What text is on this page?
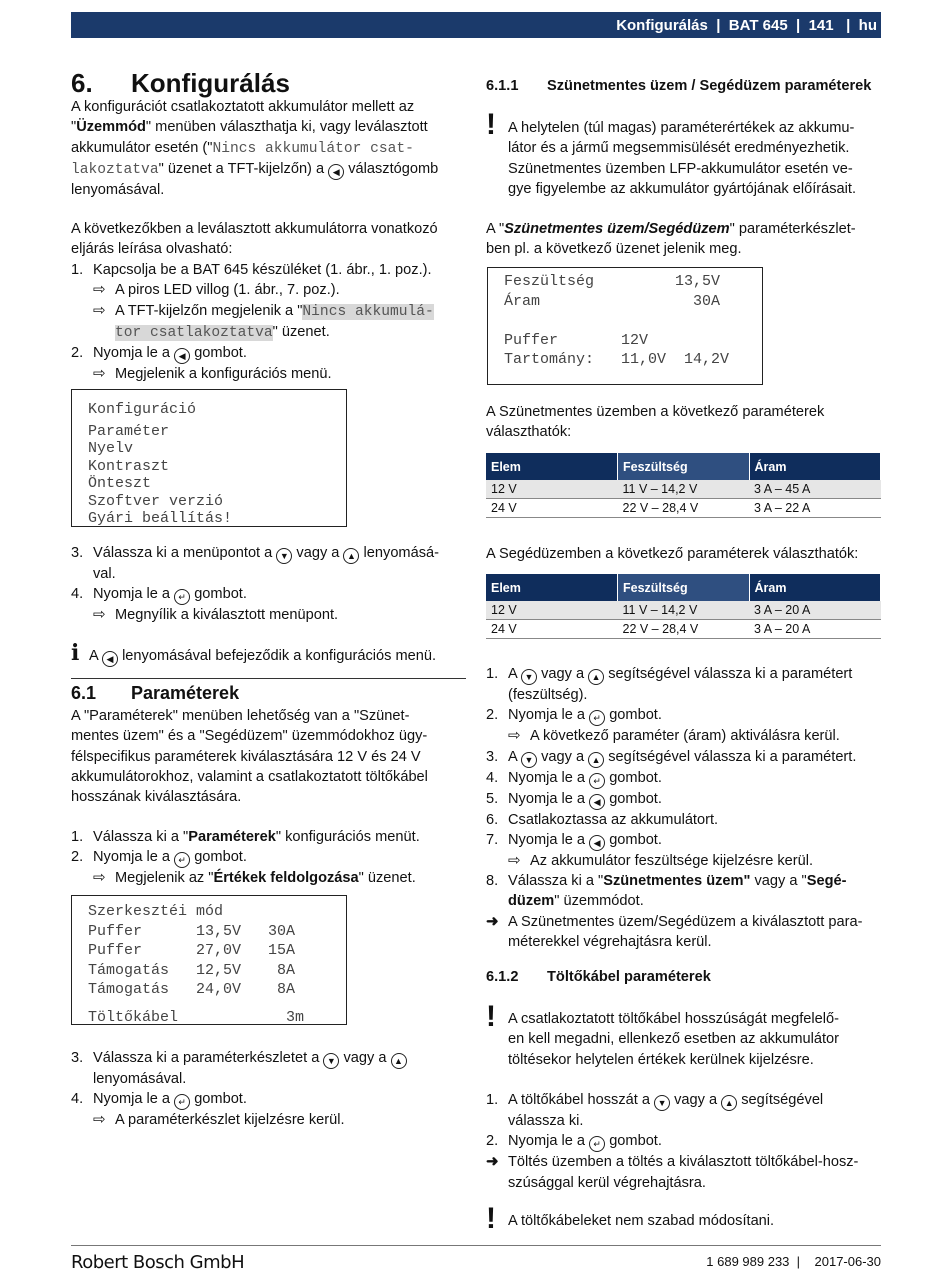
Konfigurálás
|
BAT 645
|
141
|
hu
6. Konfigurálás
A konfigurációt csatlakoztatott akkumulátor mellett az
"Üzemmód" menüben választhatja ki, vagy leválasztott
akkumulátor esetén ("Nincs akkumulátor csat-
lakoztatva" üzenet a TFT-kijelzőn) a ◀ választógomb
lenyomásával.
A következőkben a leválasztott akkumulátorra vonatkozó
eljárás leírása olvasható:
1. Kapcsolja be a BAT 645 készüléket (1. ábr., 1. poz.).
⇨ A piros LED villog (1. ábr., 7. poz.).
⇨ A TFT-kijelzőn megjelenik a "Nincs akkumulá-
tor csatlakoztatva" üzenet.
2. Nyomja le a ◀ gombot.
⇨ Megjelenik a konfigurációs menü.
Konfiguráció
Paraméter
Nyelv
Kontraszt
Önteszt
Szoftver verzió
Gyári beállítás!
3. Válassza ki a menüpontot a ▼ vagy a ▲ lenyomásá-
val.
4. Nyomja le a ↵ gombot.
⇨ Megnyílik a kiválasztott menüpont.
i A ◀ lenyomásával befejeződik a konfigurációs menü.
6.1 Paraméterek
A "Paraméterek" menüben lehetőség van a "Szünet-
mentes üzem" és a "Segédüzem" üzemmódokhoz ügy-
félspecifikus paraméterek kiválasztására 12 V és 24 V
akkumulátorokhoz, valamint a csatlakoztatott töltőkábel
hosszának kiválasztására.
1. Válassza ki a "Paraméterek" konfigurációs menüt.
2. Nyomja le a ↵ gombot.
⇨ Megjelenik az "Értékek feldolgozása" üzenet.
Szerkesztéi mód
Puffer      13,5V   30A
Puffer      27,0V   15A
Támogatás   12,5V    8A
Támogatás   24,0V    8A
Töltőkábel            3m
3. Válassza ki a paraméterkészletet a ▼ vagy a ▲
lenyomásával.
4. Nyomja le a ↵ gombot.
⇨ A paraméterkészlet kijelzésre kerül.
6.1.1 Szünetmentes üzem / Segédüzem paraméterek
! A helytelen (túl magas) paraméterértékek az akkumu-
látor és a jármű megsemmisülését eredményezhetik.
Szünetmentes üzemben LFP-akkumulátor esetén ve-
gye figyelembe az akkumulátor gyártójának előírásait.
A "Szünetmentes üzem/Segédüzem" paraméterkészlet-
ben pl. a következő üzenet jelenik meg.
Feszültség         13,5V
Áram                 30A

Puffer       12V
Tartomány:   11,0V  14,2V
A Szünetmentes üzemben a következő paraméterek
választhatók:
Elem	Feszültség	Áram
12 V	11 V – 14,2 V	3 A – 45 A
24 V	22 V – 28,4 V	3 A – 22 A
A Segédüzemben a következő paraméterek választhatók:
Elem	Feszültség	Áram
12 V	11 V – 14,2 V	3 A – 20 A
24 V	22 V – 28,4 V	3 A – 20 A
1. A ▼ vagy a ▲ segítségével válassza ki a paramétert
(feszültség).
2. Nyomja le a ↵ gombot.
⇨ A következő paraméter (áram) aktiválásra kerül.
3. A ▼ vagy a ▲ segítségével válassza ki a paramétert.
4. Nyomja le a ↵ gombot.
5. Nyomja le a ◀ gombot.
6. Csatlakoztassa az akkumulátort.
7. Nyomja le a ◀ gombot.
⇨ Az akkumulátor feszültsége kijelzésre kerül.
8. Válassza ki a "Szünetmentes üzem" vagy a "Segé-
düzem" üzemmódot.
➜ A Szünetmentes üzem/Segédüzem a kiválasztott para-
méterekkel végrehajtásra kerül.
6.1.2 Töltőkábel paraméterek
! A csatlakoztatott töltőkábel hosszúságát megfelelő-
en kell megadni, ellenkező esetben az akkumulátor
töltésekor helytelen értékek kerülnek kijelzésre.
1. A töltőkábel hosszát a ▼ vagy a ▲ segítségével
válassza ki.
2. Nyomja le a ↵ gombot.
➜ Töltés üzemben a töltés a kiválasztott töltőkábel-hosz-
szúsággal kerül végrehajtásra.
! A töltőkábeleket nem szabad módosítani.
Robert Bosch GmbH	1 689 989 233 | 2017-06-30
